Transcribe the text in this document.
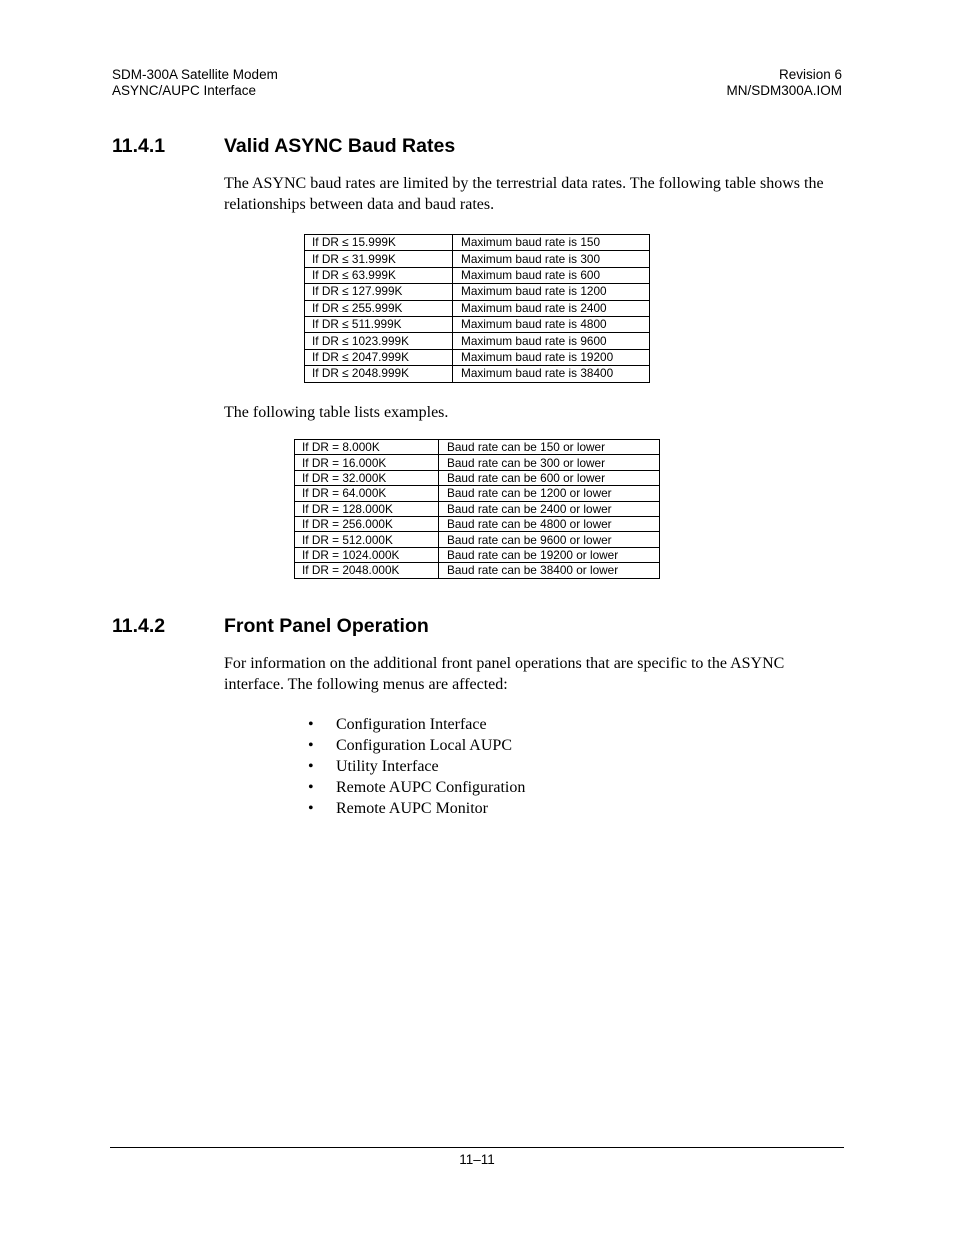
SDM-300A Satellite Modem
ASYNC/AUPC Interface
Revision 6
MN/SDM300A.IOM
11.4.1	Valid ASYNC Baud Rates
The ASYNC baud rates are limited by the terrestrial data rates. The following table shows the relationships between data and baud rates.
If DR ≤ 15.999K	Maximum baud rate is 150
If DR ≤ 31.999K	Maximum baud rate is 300
If DR ≤ 63.999K	Maximum baud rate is 600
If DR ≤ 127.999K	Maximum baud rate is 1200
If DR ≤ 255.999K	Maximum baud rate is 2400
If DR ≤ 511.999K	Maximum baud rate is 4800
If DR ≤ 1023.999K	Maximum baud rate is 9600
If DR ≤ 2047.999K	Maximum baud rate is 19200
If DR ≤ 2048.999K	Maximum baud rate is 38400
The following table lists examples.
If DR = 8.000K	Baud rate can be 150 or lower
If DR = 16.000K	Baud rate can be 300 or lower
If DR = 32.000K	Baud rate can be 600 or lower
If DR = 64.000K	Baud rate can be 1200 or lower
If DR = 128.000K	Baud rate can be 2400 or lower
If DR = 256.000K	Baud rate can be 4800 or lower
If DR = 512.000K	Baud rate can be 9600 or lower
If DR = 1024.000K	Baud rate can be 19200 or lower
If DR = 2048.000K	Baud rate can be 38400 or lower
11.4.2	Front Panel Operation
For information on the additional front panel operations that are specific to the ASYNC interface. The following menus are affected:
• Configuration Interface
• Configuration Local AUPC
• Utility Interface
• Remote AUPC Configuration
• Remote AUPC Monitor
11–11
